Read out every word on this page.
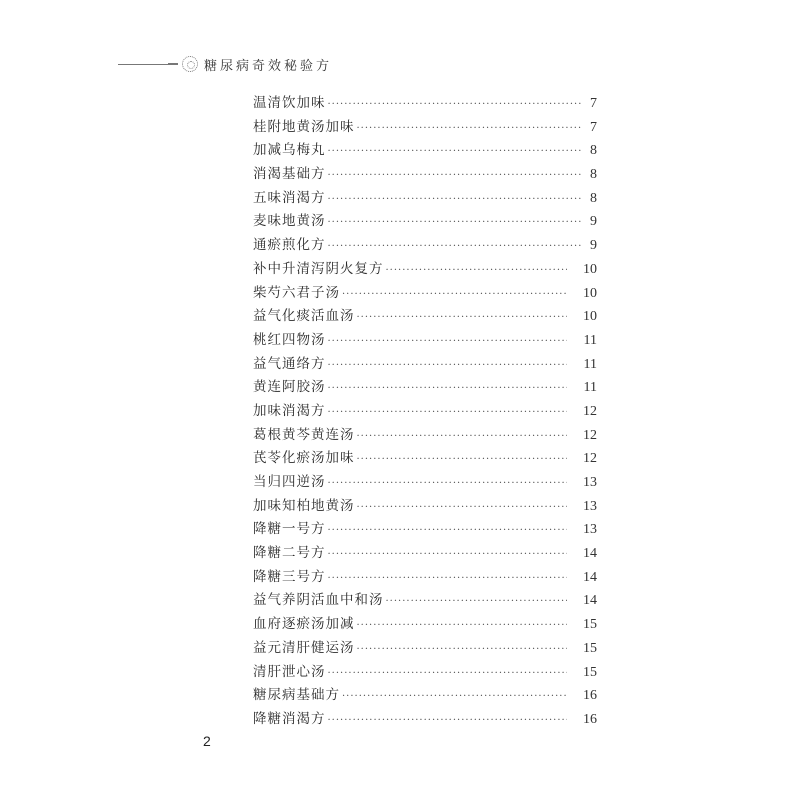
糖尿病奇效秘验方
温清饮加味 ·····	7
桂附地黄汤加味 ·····	7
加减乌梅丸 ·····	8
消渴基础方 ·····	8
五味消渴方 ·····	8
麦味地黄汤 ·····	9
通瘀煎化方 ·····	9
补中升清泻阴火复方 ·····	10
柴芍六君子汤 ·····	10
益气化痰活血汤 ·····	10
桃红四物汤 ·····	11
益气通络方 ·····	11
黄连阿胶汤 ·····	11
加味消渴方 ·····	12
葛根黄芩黄连汤 ·····	12
芪苓化瘀汤加味 ·····	12
当归四逆汤 ·····	13
加味知柏地黄汤 ·····	13
降糖一号方 ·····	13
降糖二号方 ·····	14
降糖三号方 ·····	14
益气养阴活血中和汤 ·····	14
血府逐瘀汤加减 ·····	15
益元清肝健运汤 ·····	15
清肝泄心汤 ·····	15
糖尿病基础方 ·····	16
降糖消渴方 ·····	16
2
